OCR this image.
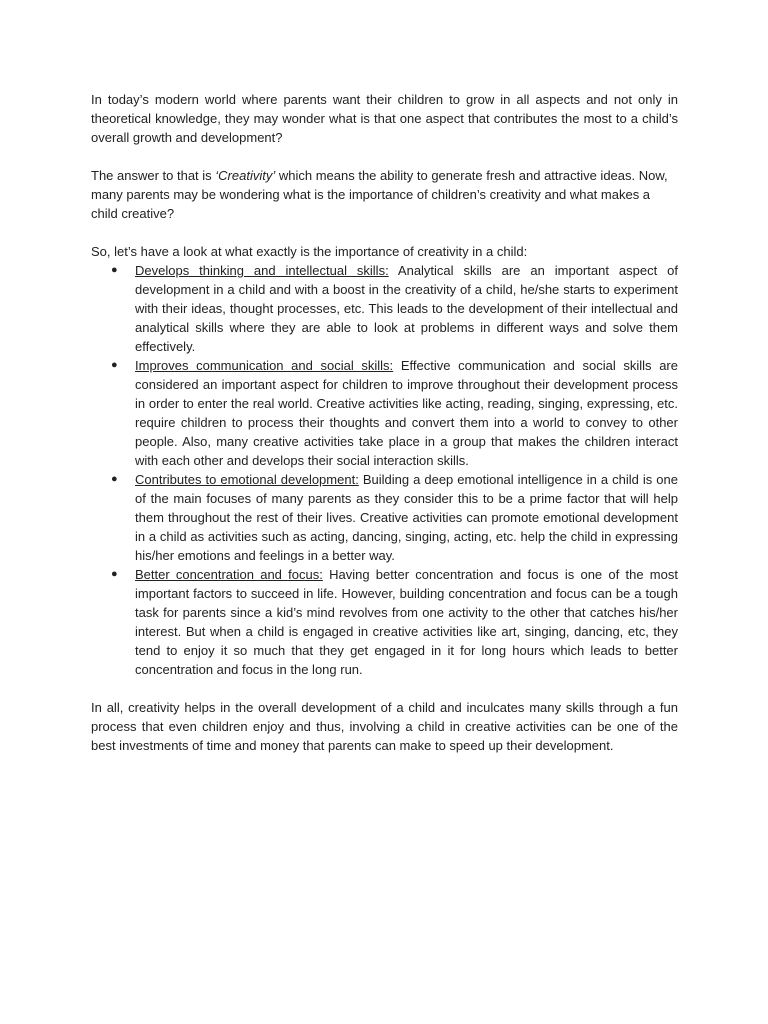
In today’s modern world where parents want their children to grow in all aspects and not only in theoretical knowledge, they may wonder what is that one aspect that contributes the most to a child’s overall growth and development?

The answer to that is ‘Creativity’ which means the ability to generate fresh and attractive ideas. Now, many parents may be wondering what is the importance of children’s creativity and what makes a child creative?

So, let’s have a look at what exactly is the importance of creativity in a child:

● Develops thinking and intellectual skills: Analytical skills are an important aspect of development in a child and with a boost in the creativity of a child, he/she starts to experiment with their ideas, thought processes, etc. This leads to the development of their intellectual and analytical skills where they are able to look at problems in different ways and solve them effectively.
● Improves communication and social skills: Effective communication and social skills are considered an important aspect for children to improve throughout their development process in order to enter the real world. Creative activities like acting, reading, singing, expressing, etc. require children to process their thoughts and convert them into a world to convey to other people. Also, many creative activities take place in a group that makes the children interact with each other and develops their social interaction skills.
● Contributes to emotional development: Building a deep emotional intelligence in a child is one of the main focuses of many parents as they consider this to be a prime factor that will help them throughout the rest of their lives. Creative activities can promote emotional development in a child as activities such as acting, dancing, singing, acting, etc. help the child in expressing his/her emotions and feelings in a better way.
● Better concentration and focus: Having better concentration and focus is one of the most important factors to succeed in life. However, building concentration and focus can be a tough task for parents since a kid’s mind revolves from one activity to the other that catches his/her interest. But when a child is engaged in creative activities like art, singing, dancing, etc, they tend to enjoy it so much that they get engaged in it for long hours which leads to better concentration and focus in the long run.

In all, creativity helps in the overall development of a child and inculcates many skills through a fun process that even children enjoy and thus, involving a child in creative activities can be one of the best investments of time and money that parents can make to speed up their development.
